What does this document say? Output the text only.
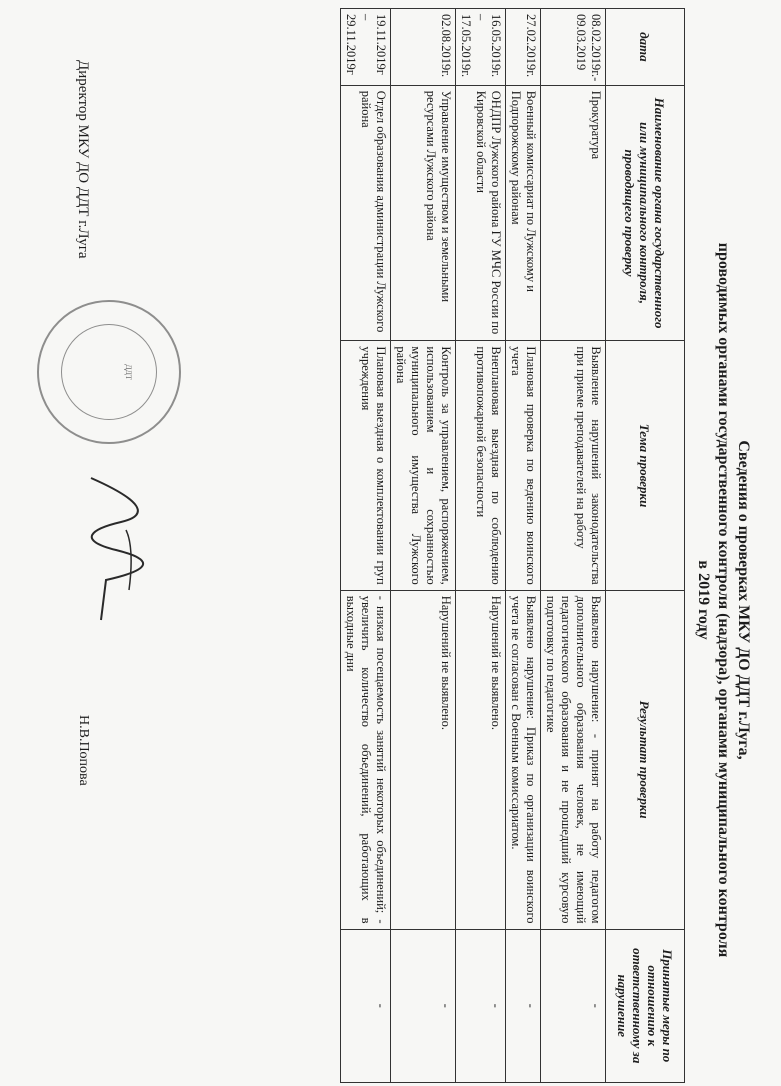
Сведения о проверках МКУ ДО ДДТ г.Луга,
проводимых органами государственного контроля (надзора), органами муниципального контроля
в 2019 году
дата	Наименование органа государственного или муниципального контроля, проводящего проверку	Тема проверки	Результат проверки	Принятые меры по отношению к ответственному за нарушение
08.02.2019г.- 09.03.2019	Прокуратура	Выявление нарушений законодательства при приеме преподавателей на работу	Выявлено нарушение: - принят на работу педагогом дополнительного образования человек, не имеющий педагогического образования и не прошедший курсовую подготовку по педагогике	-
27.02.2019г.	Военный комиссариат по Лужскому и Подпорожскому районам	Плановая проверка по ведению воинского учета	Выявлено нарушение: Приказ по организации воинского учета не согласован с Военным комиссариатом.	-
16.05.2019г. – 17.05.2019г.	ОНДПР Лужского района ГУ МЧС России по Кировской области	Внеплановая выездная по соблюдению противопожарной безопасности	Нарушений не выявлено.	-
02.08.2019г.	Управление имуществом и земельными ресурсами Лужского района	Контроль за управлением, распоряжением, использованием и сохранностью муниципального имущества Лужского района	Нарушений не выявлено.	-
19.11.2019г – 29.11.2019г	Отдел образования администрации Лужского района	Плановая выездная о комплектовании груп учреждения	- низкая посещаемость занятий некоторых объединений; - увеличить количество объединений, работающих в выходные дни	-
ДДТ
Директор МКУ ДО ДДТ г.Луга
Н.В.Попова
